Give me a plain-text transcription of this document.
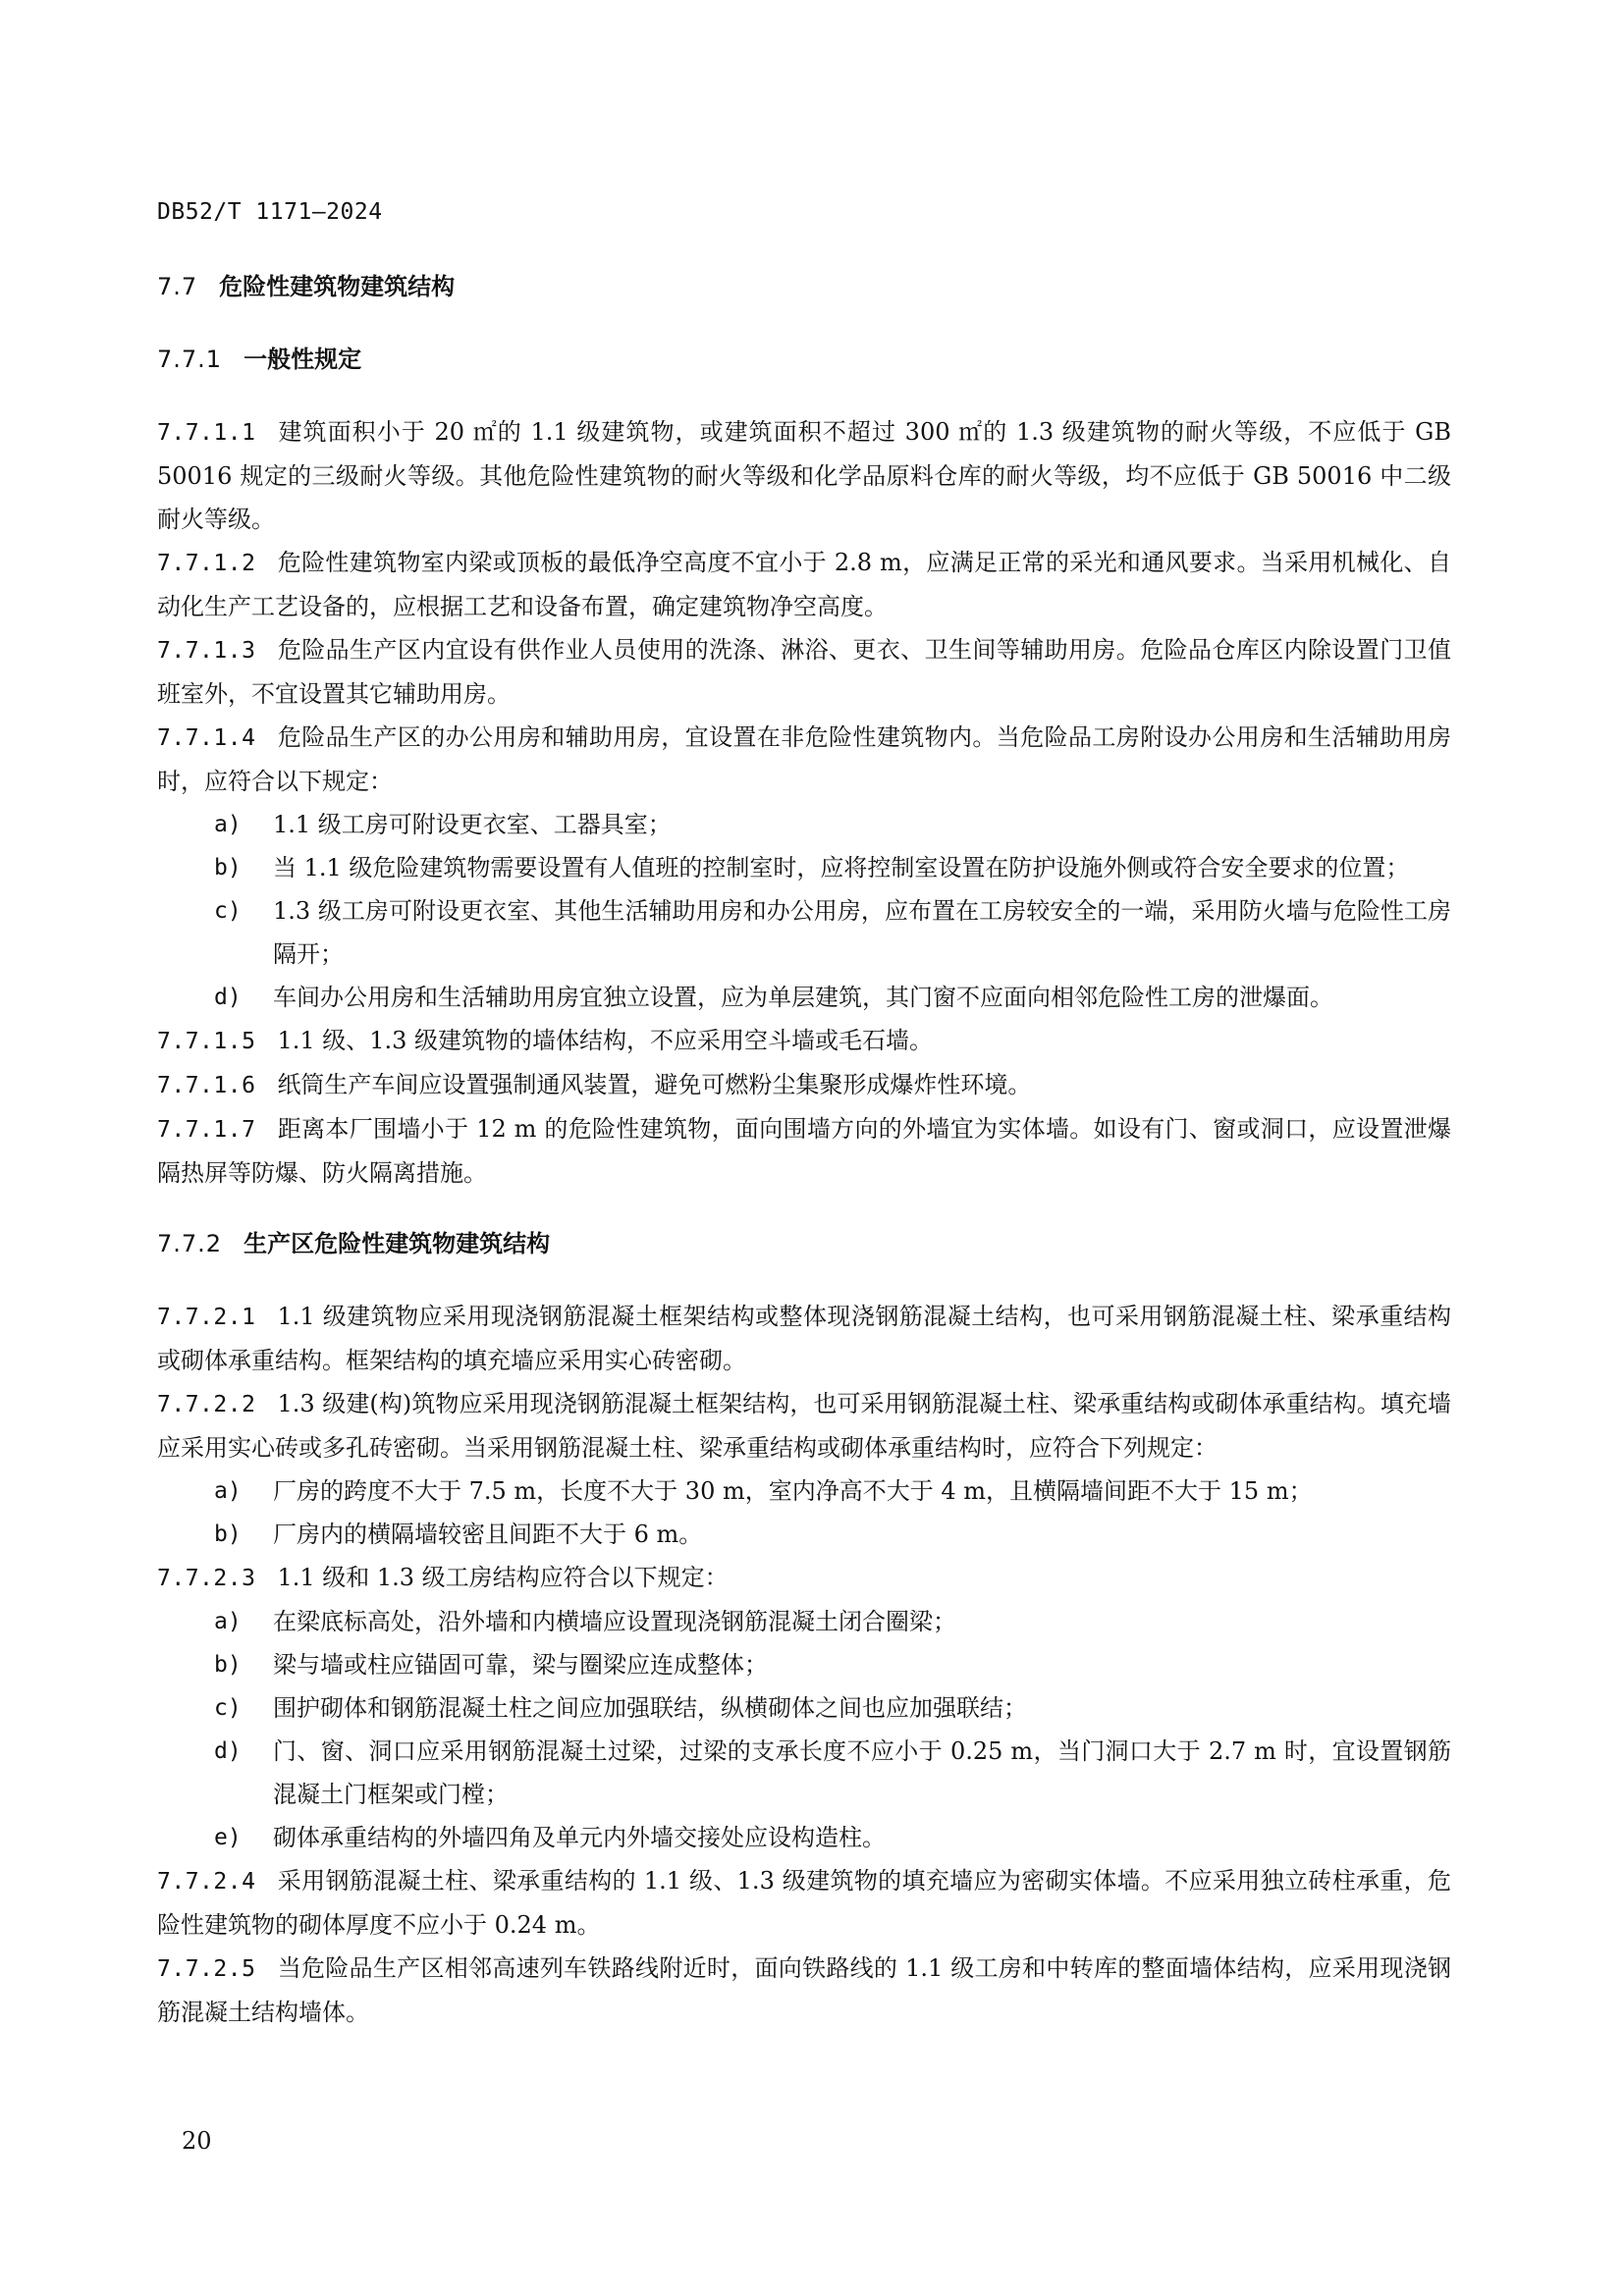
DB52/T 1171—2024
7.7 危险性建筑物建筑结构
7.7.1 一般性规定

7.7.1.1 建筑面积小于 20 ㎡的 1.1 级建筑物，或建筑面积不超过 300 ㎡的 1.3 级建筑物的耐火等级，不应低于 GB 50016 规定的三级耐火等级。其他危险性建筑物的耐火等级和化学品原料仓库的耐火等级，均不应低于 GB 50016 中二级耐火等级。

7.7.1.2 危险性建筑物室内梁或顶板的最低净空高度不宜小于 2.8 m，应满足正常的采光和通风要求。当采用机械化、自动化生产工艺设备的，应根据工艺和设备布置，确定建筑物净空高度。

7.7.1.3 危险品生产区内宜设有供作业人员使用的洗涤、淋浴、更衣、卫生间等辅助用房。危险品仓库区内除设置门卫值班室外，不宜设置其它辅助用房。

7.7.1.4 危险品生产区的办公用房和辅助用房，宜设置在非危险性建筑物内。当危险品工房附设办公用房和生活辅助用房时，应符合以下规定：

a) 1.1 级工房可附设更衣室、工器具室；

b) 当 1.1 级危险建筑物需要设置有人值班的控制室时，应将控制室设置在防护设施外侧或符合安全要求的位置；

c) 1.3 级工房可附设更衣室、其他生活辅助用房和办公用房，应布置在工房较安全的一端，采用防火墙与危险性工房隔开；

d) 车间办公用房和生活辅助用房宜独立设置，应为单层建筑，其门窗不应面向相邻危险性工房的泄爆面。

7.7.1.5 1.1 级、1.3 级建筑物的墙体结构，不应采用空斗墙或毛石墙。

7.7.1.6 纸筒生产车间应设置强制通风装置，避免可燃粉尘集聚形成爆炸性环境。

7.7.1.7 距离本厂围墙小于 12 m 的危险性建筑物，面向围墙方向的外墙宜为实体墙。如设有门、窗或洞口，应设置泄爆隔热屏等防爆、防火隔离措施。

7.7.2 生产区危险性建筑物建筑结构

7.7.2.1 1.1 级建筑物应采用现浇钢筋混凝土框架结构或整体现浇钢筋混凝土结构，也可采用钢筋混凝土柱、梁承重结构或砌体承重结构。框架结构的填充墙应采用实心砖密砌。

7.7.2.2 1.3 级建(构)筑物应采用现浇钢筋混凝土框架结构，也可采用钢筋混凝土柱、梁承重结构或砌体承重结构。填充墙应采用实心砖或多孔砖密砌。当采用钢筋混凝土柱、梁承重结构或砌体承重结构时，应符合下列规定：

a) 厂房的跨度不大于 7.5 m，长度不大于 30 m，室内净高不大于 4 m，且横隔墙间距不大于 15 m；

b) 厂房内的横隔墙较密且间距不大于 6 m。

7.7.2.3 1.1 级和 1.3 级工房结构应符合以下规定：

a) 在梁底标高处，沿外墙和内横墙应设置现浇钢筋混凝土闭合圈梁；

b) 梁与墙或柱应锚固可靠，梁与圈梁应连成整体；

c) 围护砌体和钢筋混凝土柱之间应加强联结，纵横砌体之间也应加强联结；

d) 门、窗、洞口应采用钢筋混凝土过梁，过梁的支承长度不应小于 0.25 m，当门洞口大于 2.7 m 时，宜设置钢筋混凝土门框架或门樘；

e) 砌体承重结构的外墙四角及单元内外墙交接处应设构造柱。

7.7.2.4 采用钢筋混凝土柱、梁承重结构的 1.1 级、1.3 级建筑物的填充墙应为密砌实体墙。不应采用独立砖柱承重，危险性建筑物的砌体厚度不应小于 0.24 m。

7.7.2.5 当危险品生产区相邻高速列车铁路线附近时，面向铁路线的 1.1 级工房和中转库的整面墙体结构，应采用现浇钢筋混凝土结构墙体。

20
